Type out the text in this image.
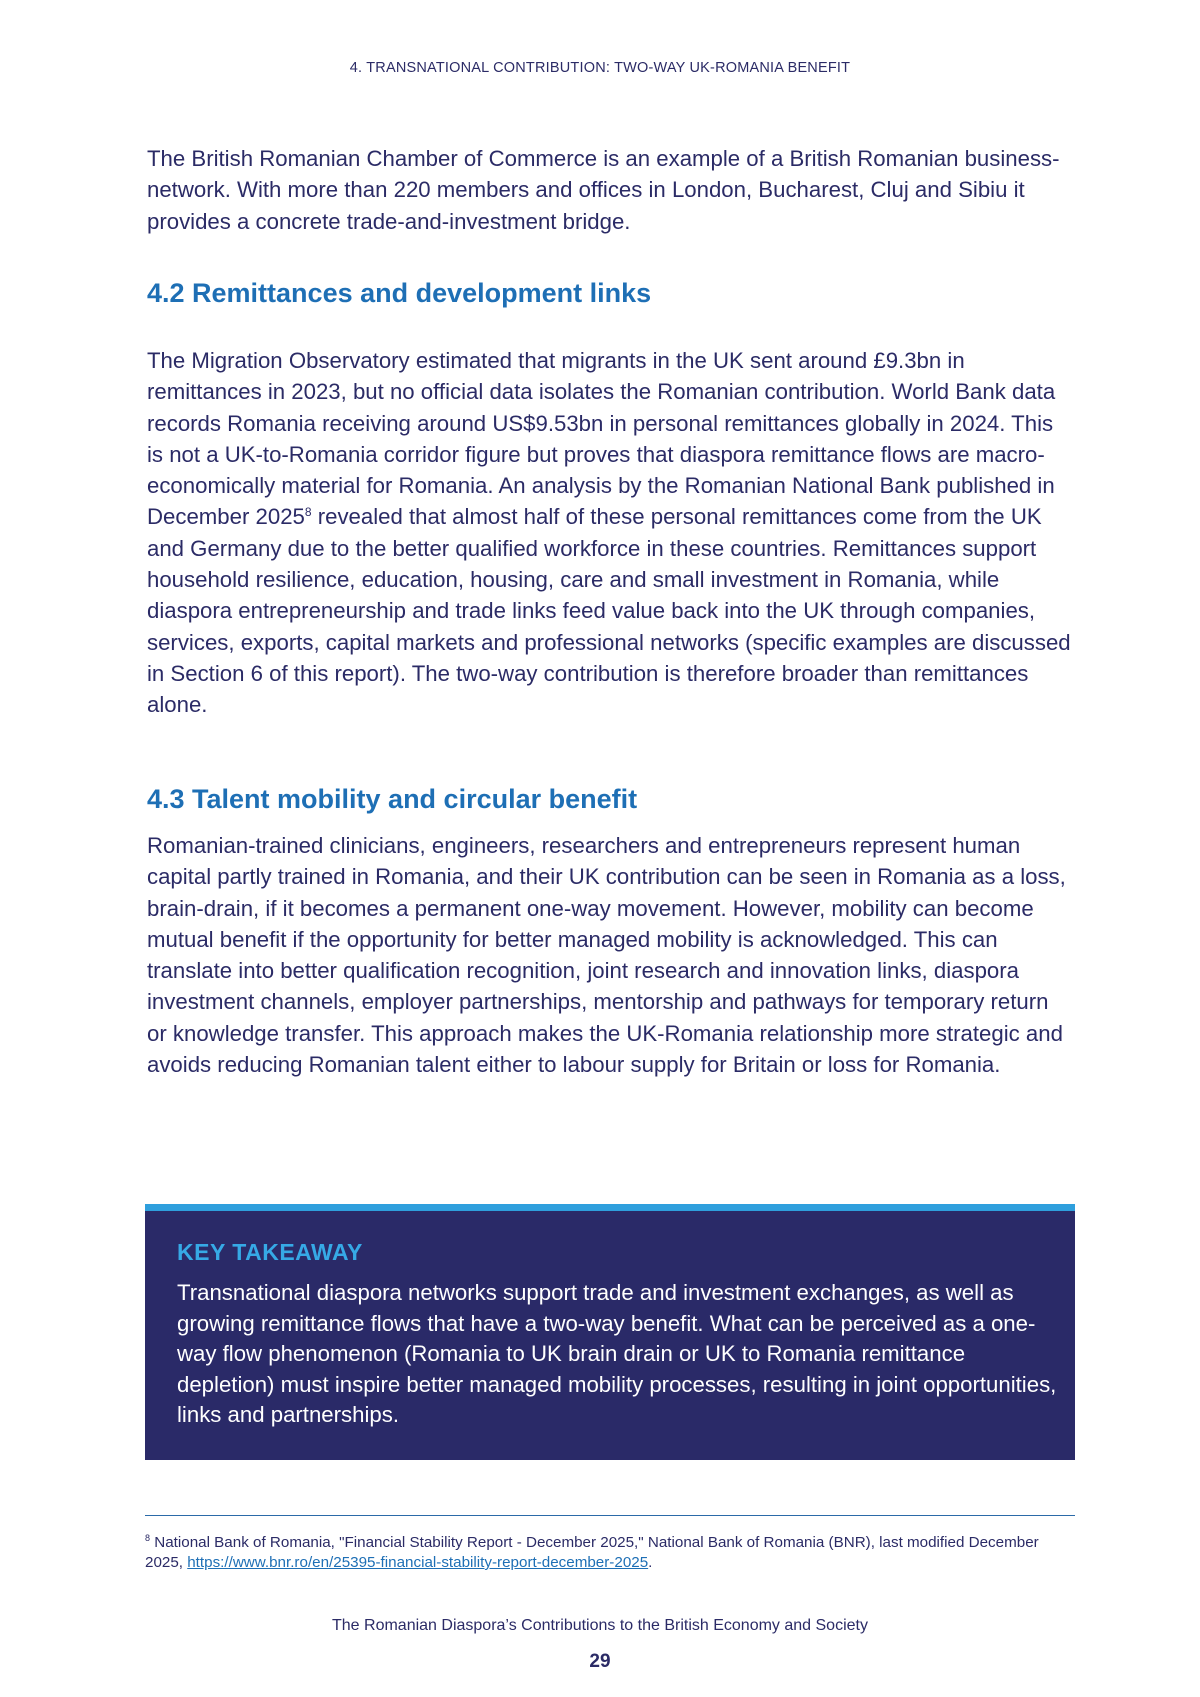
4. TRANSNATIONAL CONTRIBUTION: TWO-WAY UK-ROMANIA BENEFIT

The British Romanian Chamber of Commerce is an example of a British Romanian business-network. With more than 220 members and offices in London, Bucharest, Cluj and Sibiu it provides a concrete trade-and-investment bridge.

4.2 Remittances and development links

The Migration Observatory estimated that migrants in the UK sent around £9.3bn in remittances in 2023, but no official data isolates the Romanian contribution. World Bank data records Romania receiving around US$9.53bn in personal remittances globally in 2024. This is not a UK-to-Romania corridor figure but proves that diaspora remittance flows are macro-economically material for Romania. An analysis by the Romanian National Bank published in December 2025$^8$ revealed that almost half of these personal remittances come from the UK and Germany due to the better qualified workforce in these countries. Remittances support household resilience, education, housing, care and small investment in Romania, while diaspora entrepreneurship and trade links feed value back into the UK through companies, services, exports, capital markets and professional networks (specific examples are discussed in Section 6 of this report). The two-way contribution is therefore broader than remittances alone.

4.3 Talent mobility and circular benefit

Romanian-trained clinicians, engineers, researchers and entrepreneurs represent human capital partly trained in Romania, and their UK contribution can be seen in Romania as a loss, brain-drain, if it becomes a permanent one-way movement. However, mobility can become mutual benefit if the opportunity for better managed mobility is acknowledged. This can translate into better qualification recognition, joint research and innovation links, diaspora investment channels, employer partnerships, mentorship and pathways for temporary return or knowledge transfer. This approach makes the UK-Romania relationship more strategic and avoids reducing Romanian talent either to labour supply for Britain or loss for Romania.

KEY TAKEAWAY

Transnational diaspora networks support trade and investment exchanges, as well as growing remittance flows that have a two-way benefit. What can be perceived as a one-way flow phenomenon (Romania to UK brain drain or UK to Romania remittance depletion) must inspire better managed mobility processes, resulting in joint opportunities, links and partnerships.

$^8$ National Bank of Romania, "Financial Stability Report - December 2025," National Bank of Romania (BNR), last modified December 2025, https://www.bnr.ro/en/25395-financial-stability-report-december-2025.

The Romanian Diaspora’s Contributions to the British Economy and Society
29
